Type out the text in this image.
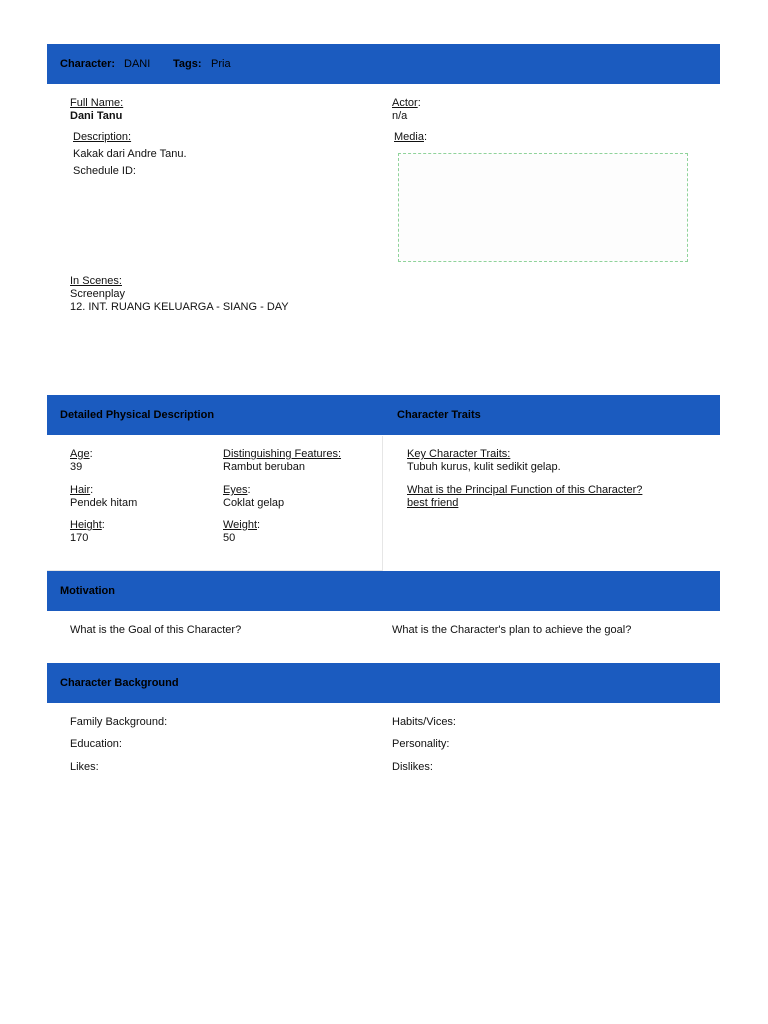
Character: DANI Tags: Pria
Full Name:
Dani Tanu
Actor:
n/a
Description:
Kakak dari Andre Tanu.
Schedule ID:
Media:
In Scenes:
Screenplay
12. INT. RUANG KELUARGA - SIANG - DAY
Detailed Physical Description	Character Traits
Age:
39
Distinguishing Features:
Rambut beruban
Hair:
Pendek hitam
Eyes:
Coklat gelap
Height:
170
Weight:
50
Key Character Traits:
Tubuh kurus, kulit sedikit gelap.
What is the Principal Function of this Character?
best friend
Motivation
What is the Goal of this Character?	What is the Character's plan to achieve the goal?
Character Background
Family Background:	Habits/Vices:
Education:	Personality:
Likes:	Dislikes:
